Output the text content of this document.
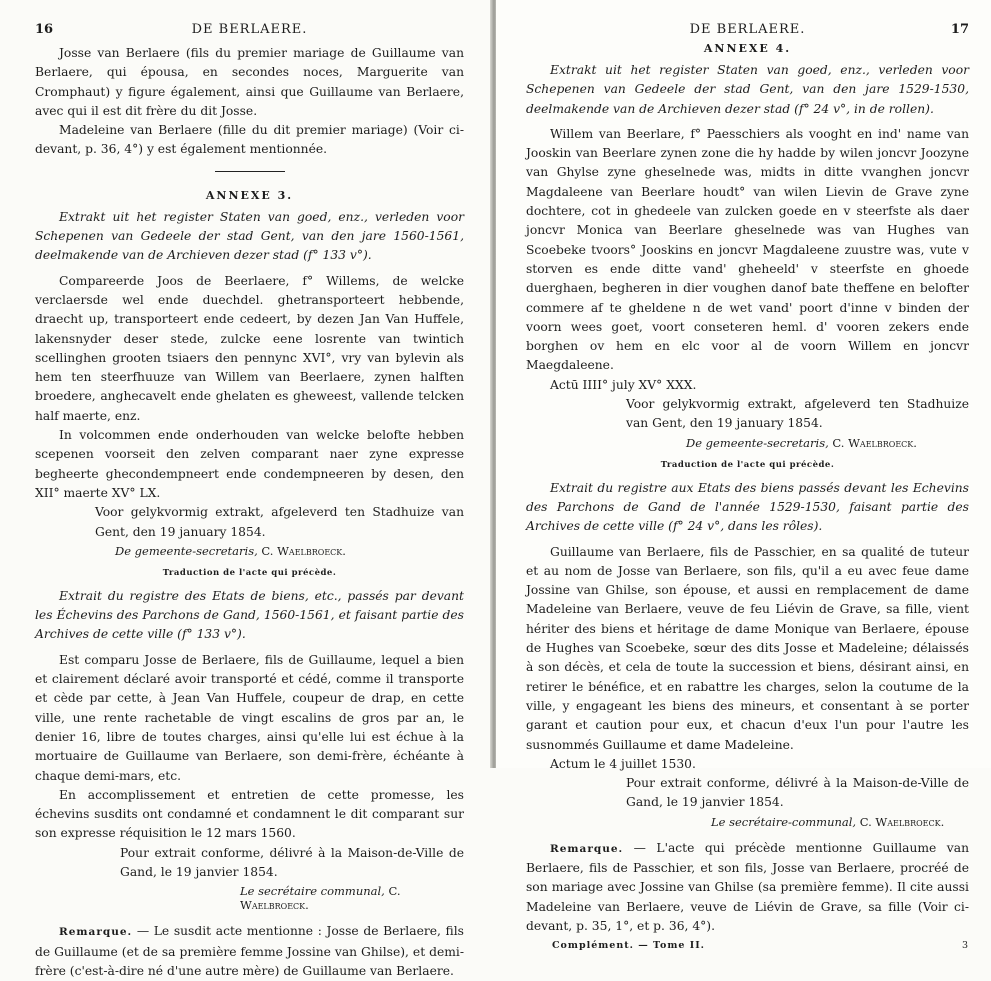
16	DE BERLAERE.

Josse van Berlaere (fils du premier mariage de Guillaume van Berlaere, qui épousa, en secondes noces, Marguerite van Cromphaut) y figure également, ainsi que Guillaume van Berlaere, avec qui il est dit frère du dit Josse.

Madeleine van Berlaere (fille du dit premier mariage) (Voir ci-devant, p. 36, 4°) y est également mentionnée.

ANNEXE 3.

Extrakt uit het register Staten van goed, enz., verleden voor Schepenen van Gedeele der stad Gent, van den jare 1560-1561, deelmakende van de Archieven dezer stad (f° 133 v°).

Compareerde Joos de Beerlaere, f° Willems, de welcke verclaersde wel ende duechdel. ghetransporteert hebbende, draecht up, transporteert ende cedeert, by dezen Jan Van Huffele, lakensnyder deser stede, zulcke eene losrente van twintich scellinghen grooten tsiaers den pennync XVI°, vry van bylevin als hem ten steerfhuuze van Willem van Beerlaere, zynen halften broedere, anghecavelt ende ghelaten es gheweest, vallende telcken half maerte, enz.

In volcommen ende onderhouden van welcke belofte hebben scepenen voorseit den zelven comparant naer zyne expresse begheerte ghecondempneert ende condempneeren by desen, den XII° maerte XV° LX.

Voor gelykvormig extrakt, afgeleverd ten Stadhuize van Gent, den 19 january 1854.

De gemeente-secretaris, C. Waelbroeck.
Traduction de l'acte qui précède.

Extrait du registre des Etats de biens, etc., passés par devant les Échevins des Parchons de Gand, 1560-1561, et faisant partie des Archives de cette ville (f° 133 v°).

Est comparu Josse de Berlaere, fils de Guillaume, lequel a bien et clairement déclaré avoir transporté et cédé, comme il transporte et cède par cette, à Jean Van Huffele, coupeur de drap, en cette ville, une rente rachetable de vingt escalins de gros par an, le denier 16, libre de toutes charges, ainsi qu'elle lui est échue à la mortuaire de Guillaume van Berlaere, son demi-frère, échéante à chaque demi-mars, etc.

En accomplissement et entretien de cette promesse, les échevins susdits ont condamné et condamnent le dit comparant sur son expresse réquisition le 12 mars 1560.

Pour extrait conforme, délivré à la Maison-de-Ville de Gand, le 19 janvier 1854.

Le secrétaire communal, C. Waelbroeck.

Remarque. — Le susdit acte mentionne : Josse de Berlaere, fils de Guillaume (et de sa première femme Jossine van Ghilse), et demi-frère (c'est-à-dire né d'une autre mère) de Guillaume van Berlaere.

DE BERLAERE.	17
ANNEXE 4.

Extrakt uit het register Staten van goed, enz., verleden voor Schepenen van Gedeele der stad Gent, van den jare 1529-1530, deelmakende van de Archieven dezer stad (f° 24 v°, in de rollen).

Willem van Beerlare, f° Paesschiers als vooght en ind' name van Jooskin van Beerlare zynen zone die hy hadde by wilen joncvr Joozyne van Ghylse zyne gheselnede was, midts in ditte vvanghen joncvr Magdaleene van Beerlare houdt° van wilen Lievin de Grave zyne dochtere, cot in ghedeele van zulcken goede en v steerfste als daer joncvr Monica van Beerlare gheselnede was van Hughes van Scoebeke tvoors° Jooskins en joncvr Magdaleene zuustre was, vute v storven es ende ditte vand' gheheeld' v steerfste en ghoede duerghaen, begheren in dier voughen danof bate theffene en belofter commere af te gheldene n de wet vand' poort d'inne v binden der voorn wees goet, voort conseteren heml. d' vooren zekers ende borghen ov hem en elc voor al de voorn Willem en joncvr Maegdaleene.

Actū IIII° july XV° XXX.

Voor gelykvormig extrakt, afgeleverd ten Stadhuize van Gent, den 19 january 1854.

De gemeente-secretaris, C. Waelbroeck.
Traduction de l'acte qui précède.

Extrait du registre aux Etats des biens passés devant les Echevins des Parchons de Gand de l'année 1529-1530, faisant partie des Archives de cette ville (f° 24 v°, dans les rôles).

Guillaume van Berlaere, fils de Passchier, en sa qualité de tuteur et au nom de Josse van Berlaere, son fils, qu'il a eu avec feue dame Jossine van Ghilse, son épouse, et aussi en remplacement de dame Madeleine van Berlaere, veuve de feu Liévin de Grave, sa fille, vient hériter des biens et héritage de dame Monique van Berlaere, épouse de Hughes van Scoebeke, sœur des dits Josse et Madeleine; délaissés à son décès, et cela de toute la succession et biens, désirant ainsi, en retirer le bénéfice, et en rabattre les charges, selon la coutume de la ville, y engageant les biens des mineurs, et consentant à se porter garant et caution pour eux, et chacun d'eux l'un pour l'autre les susnommés Guillaume et dame Madeleine.

Actum le 4 juillet 1530.

Pour extrait conforme, délivré à la Maison-de-Ville de Gand, le 19 janvier 1854.

Le secrétaire-communal, C. Waelbroeck.

Remarque. — L'acte qui précède mentionne Guillaume van Berlaere, fils de Passchier, et son fils, Josse van Berlaere, procréé de son mariage avec Jossine van Ghilse (sa première femme). Il cite aussi Madeleine van Berlaere, veuve de Liévin de Grave, sa fille (Voir ci-devant, p. 35, 1°, et p. 36, 4°).

Complément. — Tome II.	3
